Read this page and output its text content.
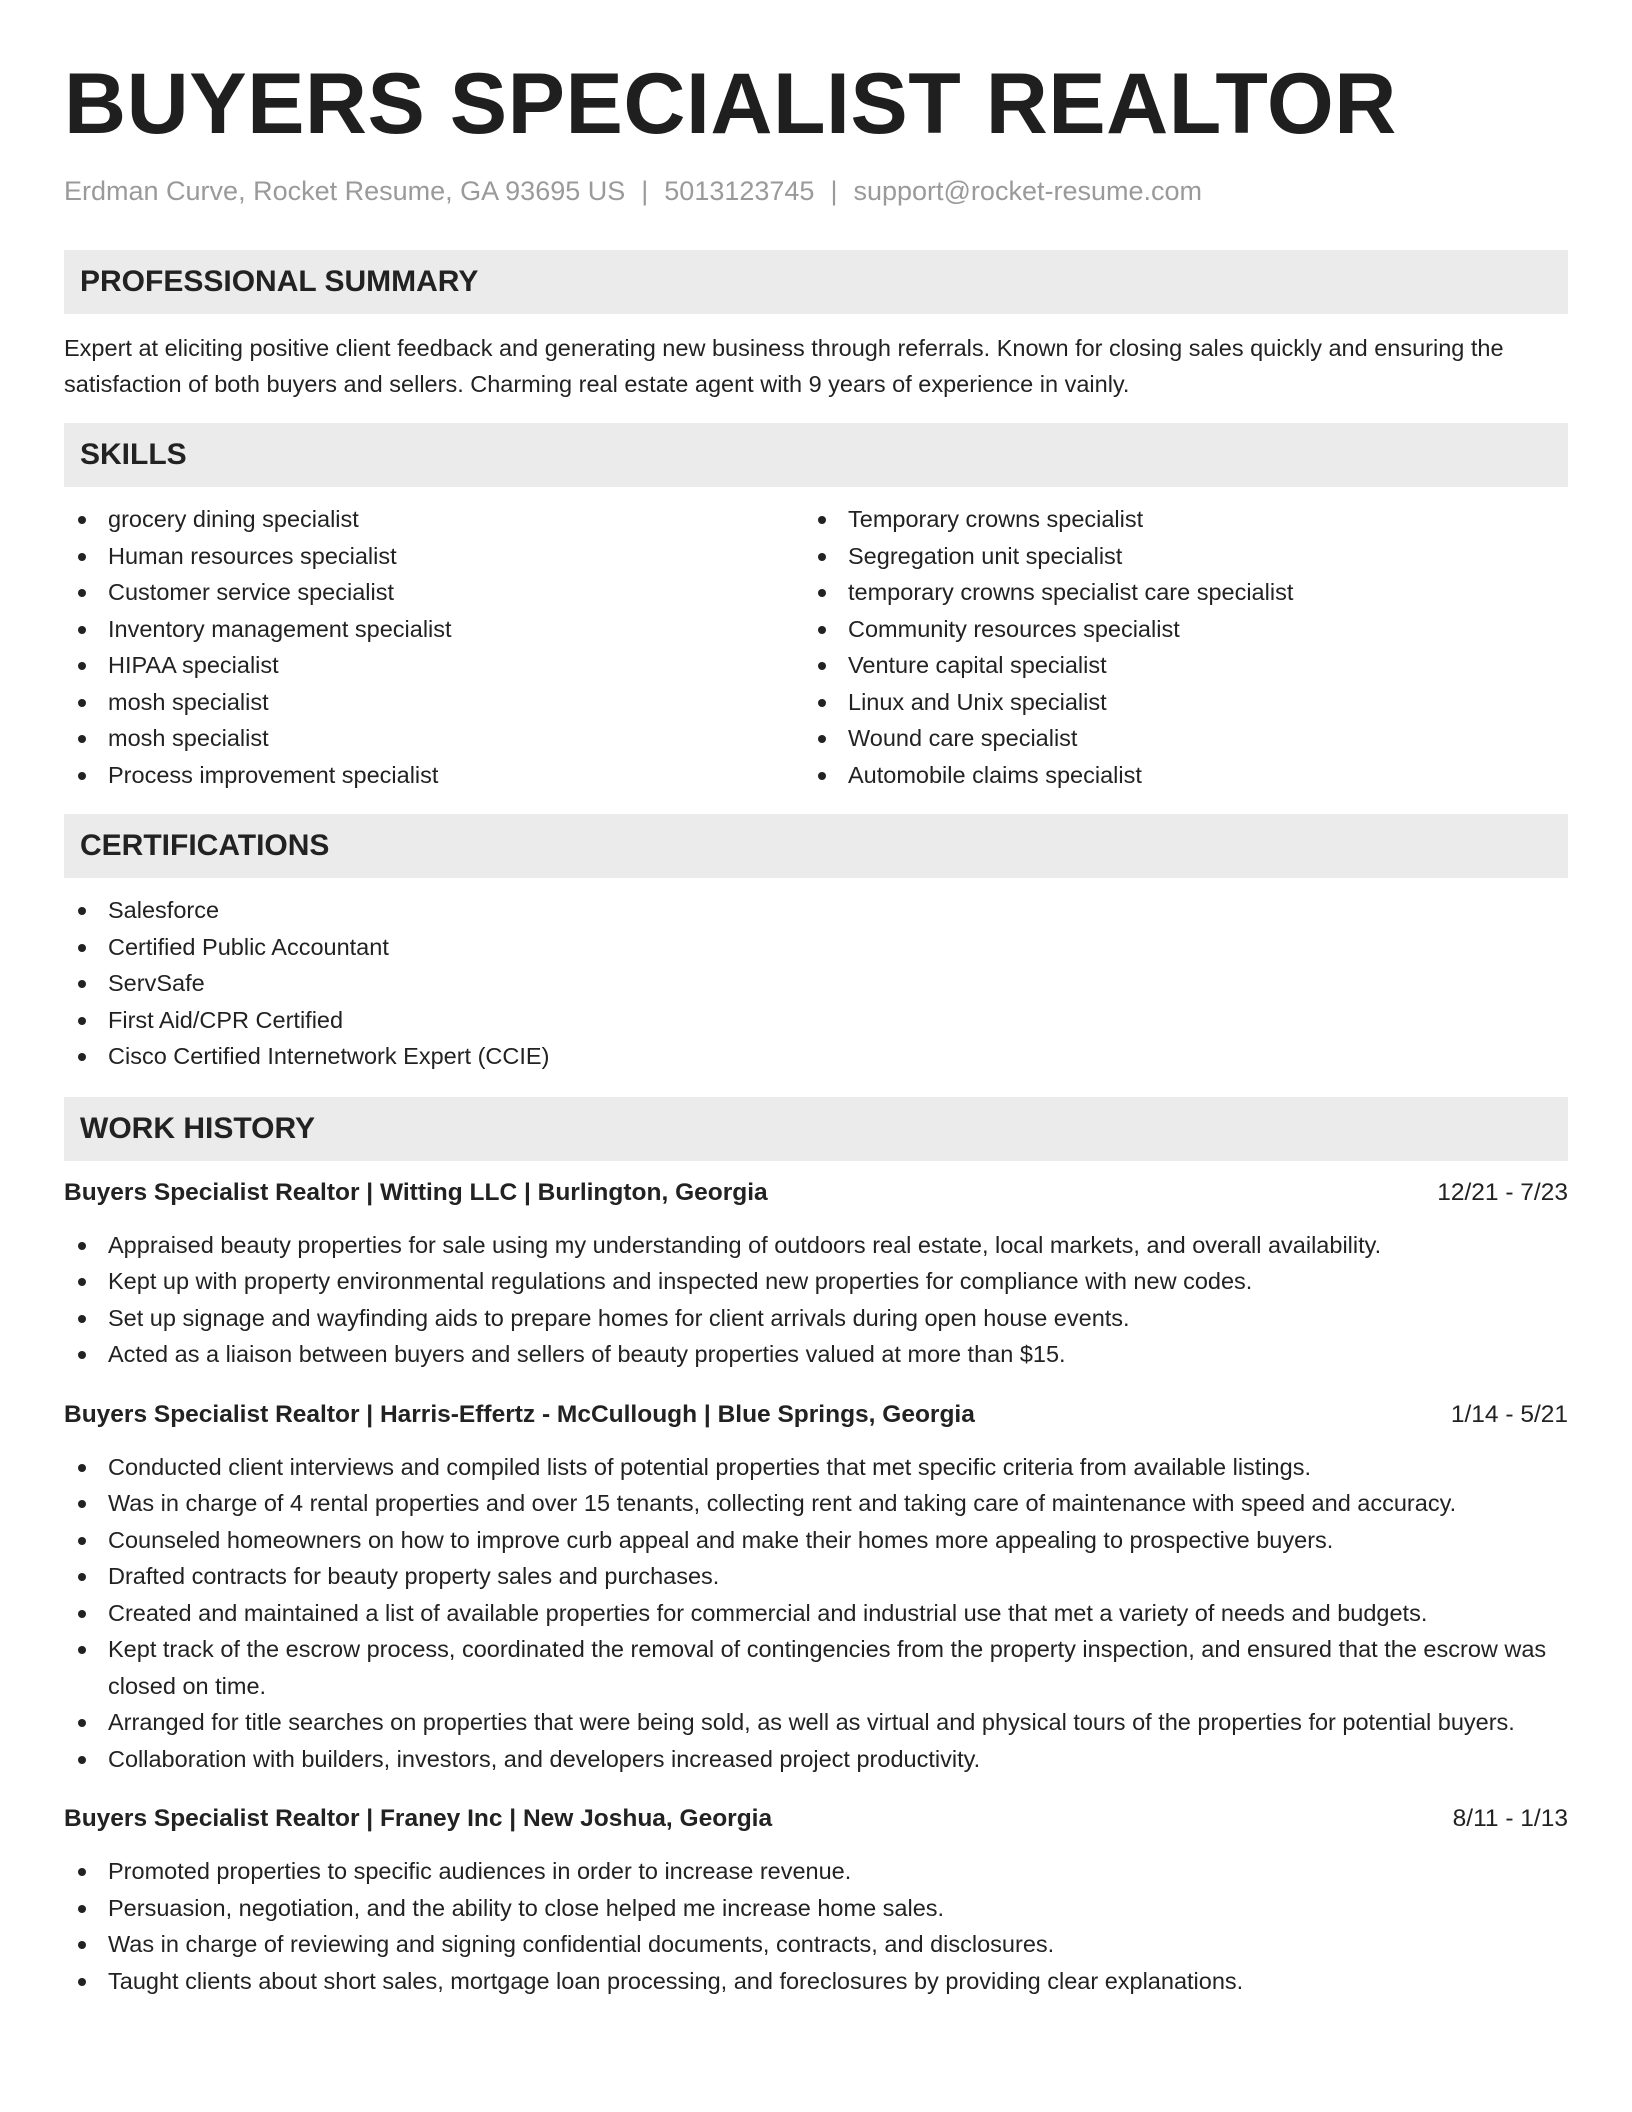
BUYERS SPECIALIST REALTOR
Erdman Curve, Rocket Resume, GA 93695 US | 5013123745 | support@rocket-resume.com
PROFESSIONAL SUMMARY

Expert at eliciting positive client feedback and generating new business through referrals. Known for closing sales quickly and ensuring the satisfaction of both buyers and sellers. Charming real estate agent with 9 years of experience in vainly.

SKILLS
grocery dining specialist
Human resources specialist
Customer service specialist
Inventory management specialist
HIPAA specialist
mosh specialist
mosh specialist
Process improvement specialist
Temporary crowns specialist
Segregation unit specialist
temporary crowns specialist care specialist
Community resources specialist
Venture capital specialist
Linux and Unix specialist
Wound care specialist
Automobile claims specialist
CERTIFICATIONS
Salesforce
Certified Public Accountant
ServSafe
First Aid/CPR Certified
Cisco Certified Internetwork Expert (CCIE)
WORK HISTORY
Buyers Specialist Realtor | Witting LLC | Burlington, Georgia	12/21 - 7/23
Appraised beauty properties for sale using my understanding of outdoors real estate, local markets, and overall availability.
Kept up with property environmental regulations and inspected new properties for compliance with new codes.
Set up signage and wayfinding aids to prepare homes for client arrivals during open house events.
Acted as a liaison between buyers and sellers of beauty properties valued at more than $15.
Buyers Specialist Realtor | Harris-Effertz - McCullough | Blue Springs, Georgia	1/14 - 5/21
Conducted client interviews and compiled lists of potential properties that met specific criteria from available listings.
Was in charge of 4 rental properties and over 15 tenants, collecting rent and taking care of maintenance with speed and accuracy.
Counseled homeowners on how to improve curb appeal and make their homes more appealing to prospective buyers.
Drafted contracts for beauty property sales and purchases.
Created and maintained a list of available properties for commercial and industrial use that met a variety of needs and budgets.
Kept track of the escrow process, coordinated the removal of contingencies from the property inspection, and ensured that the escrow was closed on time.
Arranged for title searches on properties that were being sold, as well as virtual and physical tours of the properties for potential buyers.
Collaboration with builders, investors, and developers increased project productivity.
Buyers Specialist Realtor | Franey Inc | New Joshua, Georgia	8/11 - 1/13
Promoted properties to specific audiences in order to increase revenue.
Persuasion, negotiation, and the ability to close helped me increase home sales.
Was in charge of reviewing and signing confidential documents, contracts, and disclosures.
Taught clients about short sales, mortgage loan processing, and foreclosures by providing clear explanations.
